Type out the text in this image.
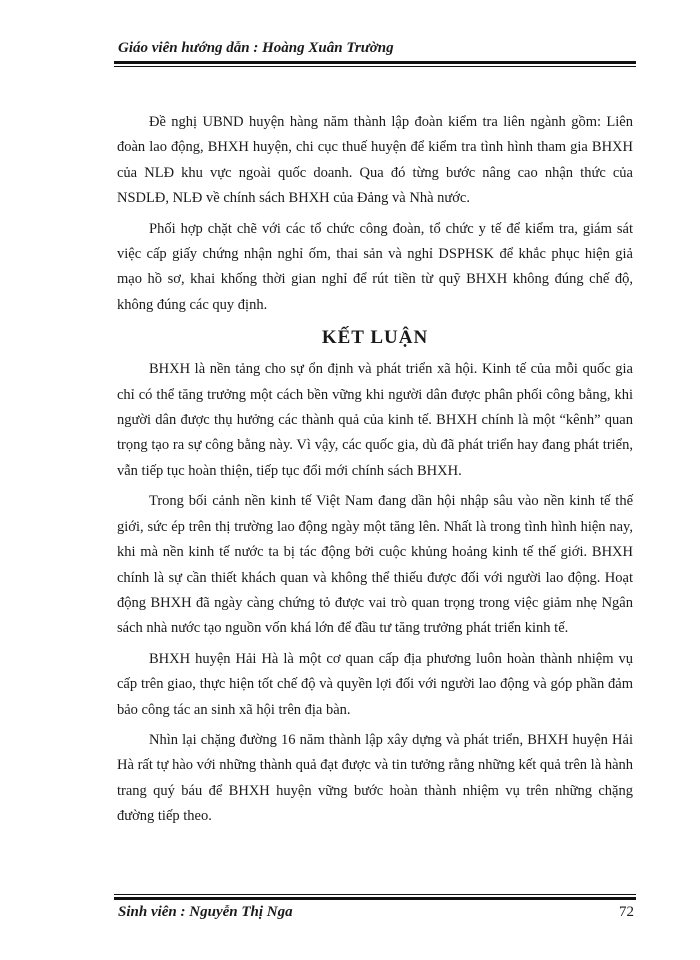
Giáo viên hướng dẫn : Hoàng Xuân Trường

Đề nghị UBND huyện hàng năm thành lập đoàn kiểm tra liên ngành gồm: Liên đoàn lao động, BHXH huyện, chi cục thuế huyện để kiểm tra tình hình tham gia BHXH của NLĐ khu vực ngoài quốc doanh. Qua đó từng bước nâng cao nhận thức của NSDLĐ, NLĐ về chính sách BHXH của Đảng và Nhà nước.

Phối hợp chặt chẽ với các tổ chức công đoàn, tổ chức y tế để kiểm tra, giám sát việc cấp giấy chứng nhận nghỉ ốm, thai sản và nghỉ DSPHSK để khắc phục hiện giả mạo hồ sơ, khai khống thời gian nghỉ để rút tiền từ quỹ BHXH không đúng chế độ, không đúng các quy định.

KẾT LUẬN

BHXH là nền tảng cho sự ổn định và phát triển xã hội. Kinh tế của mỗi quốc gia chỉ có thể tăng trưởng một cách bền vững khi người dân được phân phối công bằng, khi người dân được thụ hưởng các thành quả của kinh tế. BHXH chính là một “kênh” quan trọng tạo ra sự công bằng này. Vì vậy, các quốc gia, dù đã phát triển hay đang phát triển, vẫn tiếp tục hoàn thiện, tiếp tục đổi mới chính sách BHXH.

Trong bối cảnh nền kinh tế Việt Nam đang dần hội nhập sâu vào nền kinh tế thế giới, sức ép trên thị trường lao động ngày một tăng lên. Nhất là trong tình hình hiện nay, khi mà nền kinh tế nước ta bị tác động bởi cuộc khủng hoảng kinh tế thế giới. BHXH chính là sự cần thiết khách quan và không thể thiếu được đối với người lao động. Hoạt động BHXH đã ngày càng chứng tỏ được vai trò quan trọng trong việc giảm nhẹ Ngân sách nhà nước tạo nguồn vốn khá lớn để đầu tư tăng trưởng phát triển kinh tế.

BHXH huyện Hải Hà là một cơ quan cấp địa phương luôn hoàn thành nhiệm vụ cấp trên giao, thực hiện tốt chế độ và quyền lợi đối với người lao động và góp phần đảm bảo công tác an sinh xã hội trên địa bàn.

Nhìn lại chặng đường 16 năm thành lập xây dựng và phát triển, BHXH huyện Hải Hà rất tự hào với những thành quả đạt được và tin tưởng rằng những kết quả trên là hành trang quý báu để BHXH huyện vững bước hoàn thành nhiệm vụ trên những chặng đường tiếp theo.

Sinh viên : Nguyễn Thị Nga	72
